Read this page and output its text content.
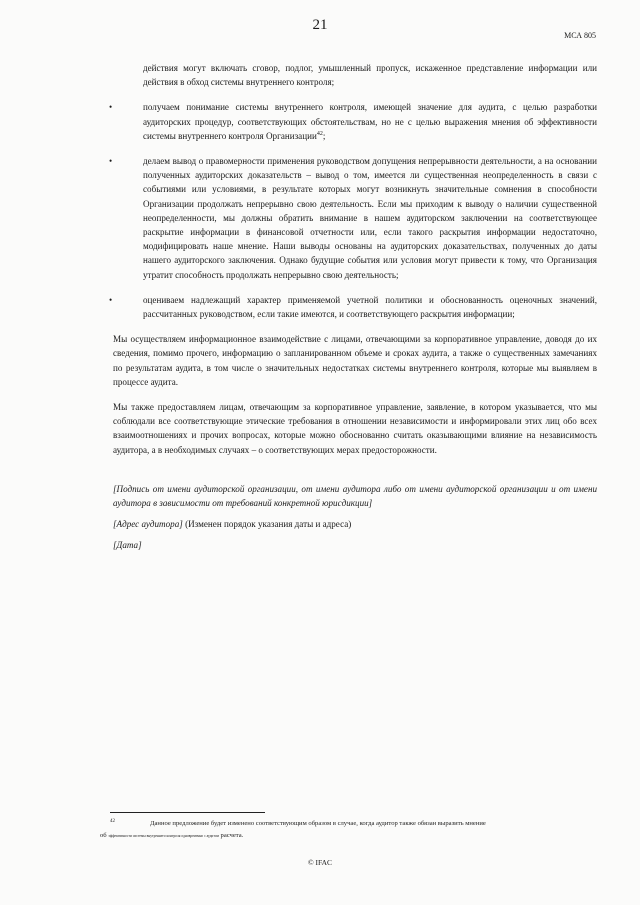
21
МСА 805

действия могут включать сговор, подлог, умышленный пропуск, искаженное представление информации или действия в обход системы внутреннего контроля;

•	получаем понимание системы внутреннего контроля, имеющей значение для аудита, с целью разработки аудиторских процедур, соответствующих обстоятельствам, но не с целью выражения мнения об эффективности системы внутреннего контроля Организации$^{42}$;

•	делаем вывод о правомерности применения руководством допущения непрерывности деятельности, а на основании полученных аудиторских доказательств – вывод о том, имеется ли существенная неопределенность в связи с событиями или условиями, в результате которых могут возникнуть значительные сомнения в способности Организации продолжать непрерывно свою деятельность. Если мы приходим к выводу о наличии существенной неопределенности, мы должны обратить внимание в нашем аудиторском заключении на соответствующее раскрытие информации в финансовой отчетности или, если такого раскрытия информации недостаточно, модифицировать наше мнение. Наши выводы основаны на аудиторских доказательствах, полученных до даты нашего аудиторского заключения. Однако будущие события или условия могут привести к тому, что Организация утратит способность продолжать непрерывно свою деятельность;

•	оцениваем надлежащий характер применяемой учетной политики и обоснованность оценочных значений, рассчитанных руководством, если такие имеются, и соответствующего раскрытия информации;

Мы осуществляем информационное взаимодействие с лицами, отвечающими за корпоративное управление, доводя до их сведения, помимо прочего, информацию о запланированном объеме и сроках аудита, а также о существенных замечаниях по результатам аудита, в том числе о значительных недостатках системы внутреннего контроля, которые мы выявляем в процессе аудита.

Мы также предоставляем лицам, отвечающим за корпоративное управление, заявление, в котором указывается, что мы соблюдали все соответствующие этические требования в отношении независимости и информировали этих лиц обо всех взаимоотношениях и прочих вопросах, которые можно обоснованно считать оказывающими влияние на независимость аудитора, а в необходимых случаях – о соответствующих мерах предосторожности.

[Подпись от имени аудиторской организации, от имени аудитора либо от имени аудиторской организации и от имени аудитора в зависимости от требований конкретной юрисдикции]

[Адрес аудитора] (Изменен порядок указания даты и адреса)

[Дата]

42	Данное предложение будет изменено соответствующим образом в случае, когда аудитор также обязан выразить мнение
об эффективности системы внутреннего контроля одновременно с аудитом расчета.
© IFAC
